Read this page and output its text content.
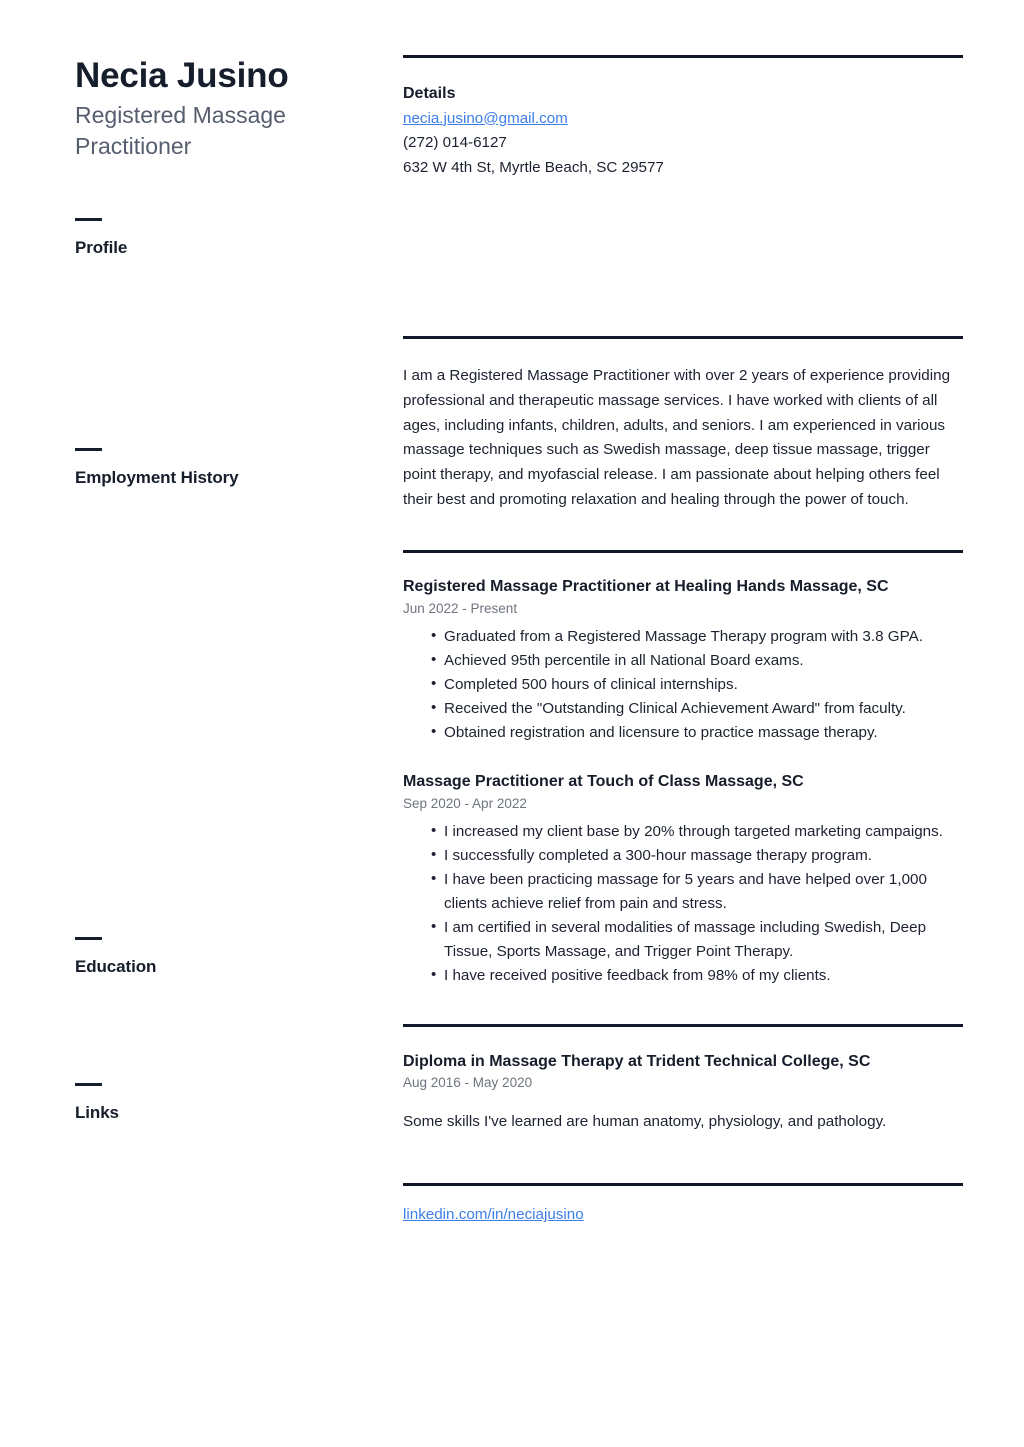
Necia Jusino
Registered Massage Practitioner
Profile
Employment History
Education
Links
Details
necia.jusino@gmail.com
(272) 014-6127
632 W 4th St, Myrtle Beach, SC 29577

I am a Registered Massage Practitioner with over 2 years of experience providing professional and therapeutic massage services. I have worked with clients of all ages, including infants, children, adults, and seniors. I am experienced in various massage techniques such as Swedish massage, deep tissue massage, trigger point therapy, and myofascial release. I am passionate about helping others feel their best and promoting relaxation and healing through the power of touch.

Registered Massage Practitioner at Healing Hands Massage, SC
Jun 2022 - Present
• Graduated from a Registered Massage Therapy program with 3.8 GPA.
• Achieved 95th percentile in all National Board exams.
• Completed 500 hours of clinical internships.
• Received the "Outstanding Clinical Achievement Award" from faculty.
• Obtained registration and licensure to practice massage therapy.
Massage Practitioner at Touch of Class Massage, SC
Sep 2020 - Apr 2022
• I increased my client base by 20% through targeted marketing campaigns.
• I successfully completed a 300-hour massage therapy program.
• I have been practicing massage for 5 years and have helped over 1,000 clients achieve relief from pain and stress.
• I am certified in several modalities of massage including Swedish, Deep Tissue, Sports Massage, and Trigger Point Therapy.
• I have received positive feedback from 98% of my clients.
Diploma in Massage Therapy at Trident Technical College, SC
Aug 2016 - May 2020

Some skills I've learned are human anatomy, physiology, and pathology.

linkedin.com/in/neciajusino
